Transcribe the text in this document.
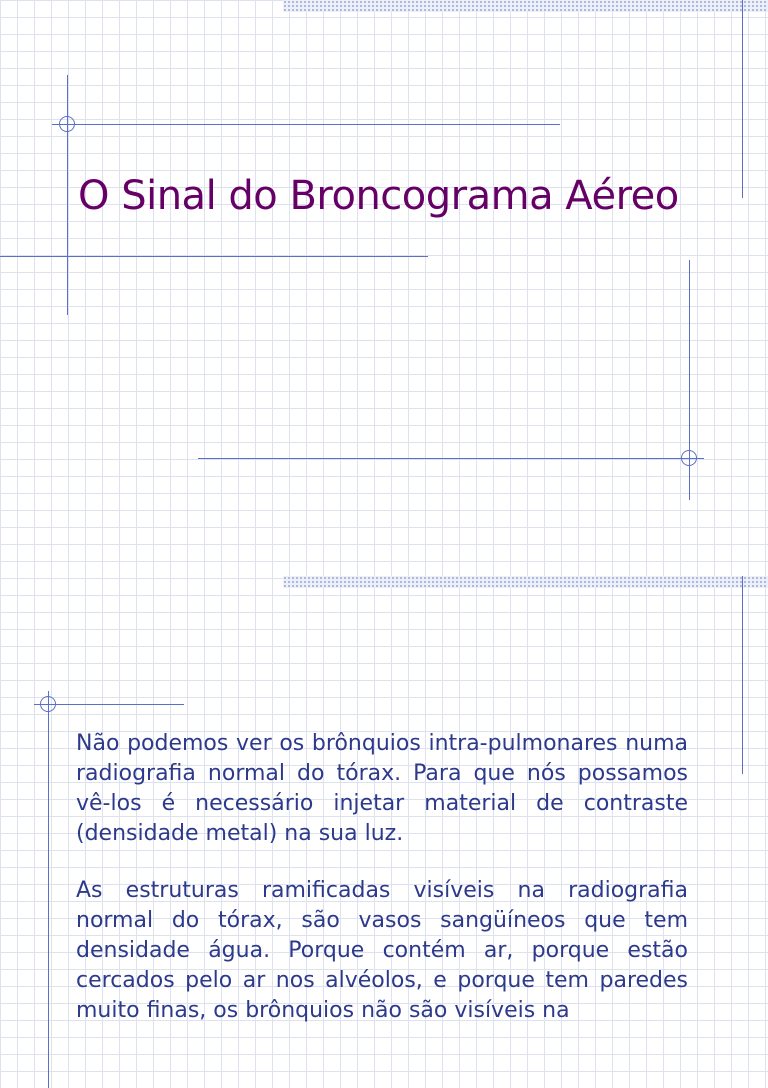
O Sinal do Broncograma Aéreo

Não podemos ver os brônquios intra-pulmonares numa radiografia normal do tórax. Para que nós possamos vê-los é necessário injetar material de contraste (densidade metal) na sua luz.

As estruturas ramificadas visíveis na radiografia normal do tórax, são vasos sangüíneos que tem densidade água. Porque contém ar, porque estão cercados pelo ar nos alvéolos, e porque tem paredes muito finas, os brônquios não são visíveis na
